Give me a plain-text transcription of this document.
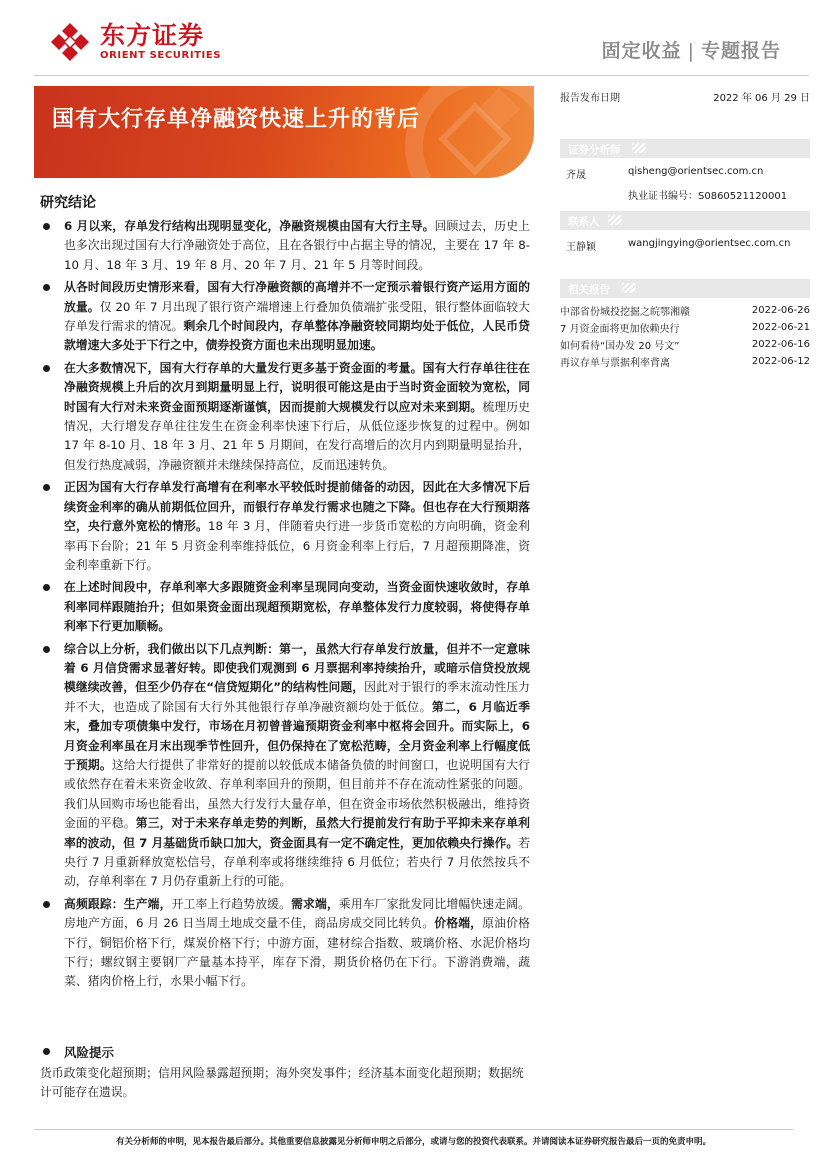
东方证券
ORIENT SECURITIES	固定收益 | 专题报告
国有大行存单净融资快速上升的背后
报告发布日期	2022 年 06 月 29 日
证券分析师
齐晟	qisheng@orientsec.com.cn
执业证书编号：S0860521120001
联系人
王静颖	wangjingying@orientsec.com.cn
相关报告
中部省份城投挖掘之皖鄂湘赣	2022-06-26
7 月资金面将更加依赖央行	2022-06-21
如何看待“国办发 20 号文”	2022-06-16
再议存单与票据利率背离	2022-06-12
研究结论
6 月以来，存单发行结构出现明显变化，净融资规模由国有大行主导。回顾过去，历史上也多次出现过国有大行净融资处于高位，且在各银行中占据主导的情况，主要在 17 年 8-10 月、18 年 3 月、19 年 8 月、20 年 7 月、21 年 5 月等时间段。
从各时间段历史情形来看，国有大行净融资额的高增并不一定预示着银行资产运用方面的放量。仅 20 年 7 月出现了银行资产端增速上行叠加负债端扩张受阻，银行整体面临较大存单发行需求的情况。剩余几个时间段内，存单整体净融资较同期均处于低位，人民币贷款增速大多处于下行之中，债券投资方面也未出现明显加速。
在大多数情况下，国有大行存单的大量发行更多基于资金面的考量。国有大行存单往往在净融资规模上升后的次月到期量明显上行，说明很可能这是由于当时资金面较为宽松，同时国有大行对未来资金面预期逐渐谨慎，因而提前大规模发行以应对未来到期。梳理历史情况，大行增发存单往往发生在资金利率快速下行后，从低位逐步恢复的过程中。例如 17 年 8-10 月、18 年 3 月、21 年 5 月期间，在发行高增后的次月内到期量明显抬升，但发行热度减弱，净融资额并未继续保持高位，反而迅速转负。
正因为国有大行存单发行高增有在利率水平较低时提前储备的动因，因此在大多情况下后续资金利率的确从前期低位回升，而银行存单发行需求也随之下降。但也存在大行预期落空，央行意外宽松的情形。18 年 3 月，伴随着央行进一步货币宽松的方向明确，资金利率再下台阶；21 年 5 月资金利率维持低位，6 月资金利率上行后，7 月超预期降准，资金利率重新下行。
在上述时间段中，存单利率大多跟随资金利率呈现同向变动，当资金面快速收敛时，存单利率同样跟随抬升；但如果资金面出现超预期宽松，存单整体发行力度较弱，将使得存单利率下行更加顺畅。
综合以上分析，我们做出以下几点判断：第一，虽然大行存单发行放量，但并不一定意味着 6 月信贷需求显著好转。即使我们观测到 6 月票据利率持续抬升，或暗示信贷投放规模继续改善，但至少仍存在“信贷短期化”的结构性问题，因此对于银行的季末流动性压力并不大，也造成了除国有大行外其他银行存单净融资额均处于低位。第二，6 月临近季末，叠加专项债集中发行，市场在月初曾普遍预期资金利率中枢将会回升。而实际上，6 月资金利率虽在月末出现季节性回升，但仍保持在了宽松范畴，全月资金利率上行幅度低于预期。这给大行提供了非常好的提前以较低成本储备负债的时间窗口，也说明国有大行或依然存在着未来资金收敛、存单利率回升的预期，但目前并不存在流动性紧张的问题。我们从回购市场也能看出，虽然大行发行大量存单，但在资金市场依然积极融出，维持资金面的平稳。第三，对于未来存单走势的判断，虽然大行提前发行有助于平抑未来存单利率的波动，但 7 月基础货币缺口加大，资金面具有一定不确定性，更加依赖央行操作。若央行 7 月重新释放宽松信号，存单利率或将继续维持 6 月低位；若央行 7 月依然按兵不动，存单利率在 7 月仍存重新上行的可能。
高频跟踪：生产端，开工率上行趋势放缓。需求端，乘用车厂家批发同比增幅快速走阔。房地产方面，6 月 26 日当周土地成交量不佳，商品房成交同比转负。价格端，原油价格下行，铜铝价格下行，煤炭价格下行；中游方面，建材综合指数、玻璃价格、水泥价格均下行；螺纹钢主要钢厂产量基本持平，库存下滑，期货价格仍在下行。下游消费端，蔬菜、猪肉价格上行，水果小幅下行。
风险提示
货币政策变化超预期；信用风险暴露超预期；海外突发事件；经济基本面变化超预期；数据统计可能存在遗误。
有关分析师的申明，见本报告最后部分。其他重要信息披露见分析师申明之后部分，或请与您的投资代表联系。并请阅读本证券研究报告最后一页的免责申明。
